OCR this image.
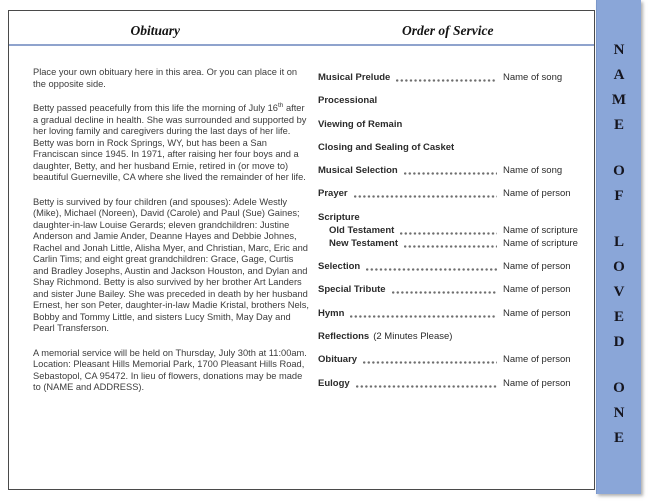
Obituary	Order of Service

Place your own obituary here in this area. Or you can place it on the opposite side.

Betty passed peacefully from this life the morning of July 16th after a gradual decline in health. She was surrounded and supported by her loving family and caregivers during the last days of her life. Betty was born in Rock Springs, WY, but has been a San Franciscan since 1945. In 1971, after raising her four boys and a daughter, Betty, and her husband Ernie, retired in (or move to) beautiful Guerneville, CA where she lived the remainder of her life.

Betty is survived by four children (and spouses): Adele Westly (Mike), Michael (Noreen), David (Carole) and Paul (Sue) Gaines; daughter-in-law Louise Gerards; eleven grandchildren: Justine Anderson and Jamie Ander, Deanne Hayes and Debbie Johnes, Rachel and Jonah Little, Alisha Myer, and Christian, Marc, Eric and Carlin Tims; and eight great grandchildren: Grace, Gage, Curtis and Bradley Josephs, Austin and Jackson Houston, and Dylan and Shay Richmond. Betty is also survived by her brother Art Landers and sister June Bailey. She was preceded in death by her husband Ernest, her son Peter, daughter-in-law Madie Kristal, brothers Nels, Bobby and Tommy Little, and sisters Lucy Smith, May Day and Pearl Transferson.

A memorial service will be held on Thursday, July 30th at 11:00am. Location: Pleasant Hills Memorial Park, 1700 Pleasant Hills Road, Sebastopol, CA 95472. In lieu of flowers, donations may be made to (NAME and ADDRESS).

Musical Prelude	Name of song
Processional
Viewing of Remain
Closing and Sealing of Casket
Musical Selection	Name of song
Prayer	Name of person
Scripture
Old Testament	Name of scripture
New Testament	Name of scripture
Selection	Name of person
Special Tribute	Name of person
Hymn	Name of person
Reflections (2 Minutes Please)
Obituary	Name of person
Eulogy	Name of person
N
A
M
E
O
F
L
O
V
E
D
O
N
E
